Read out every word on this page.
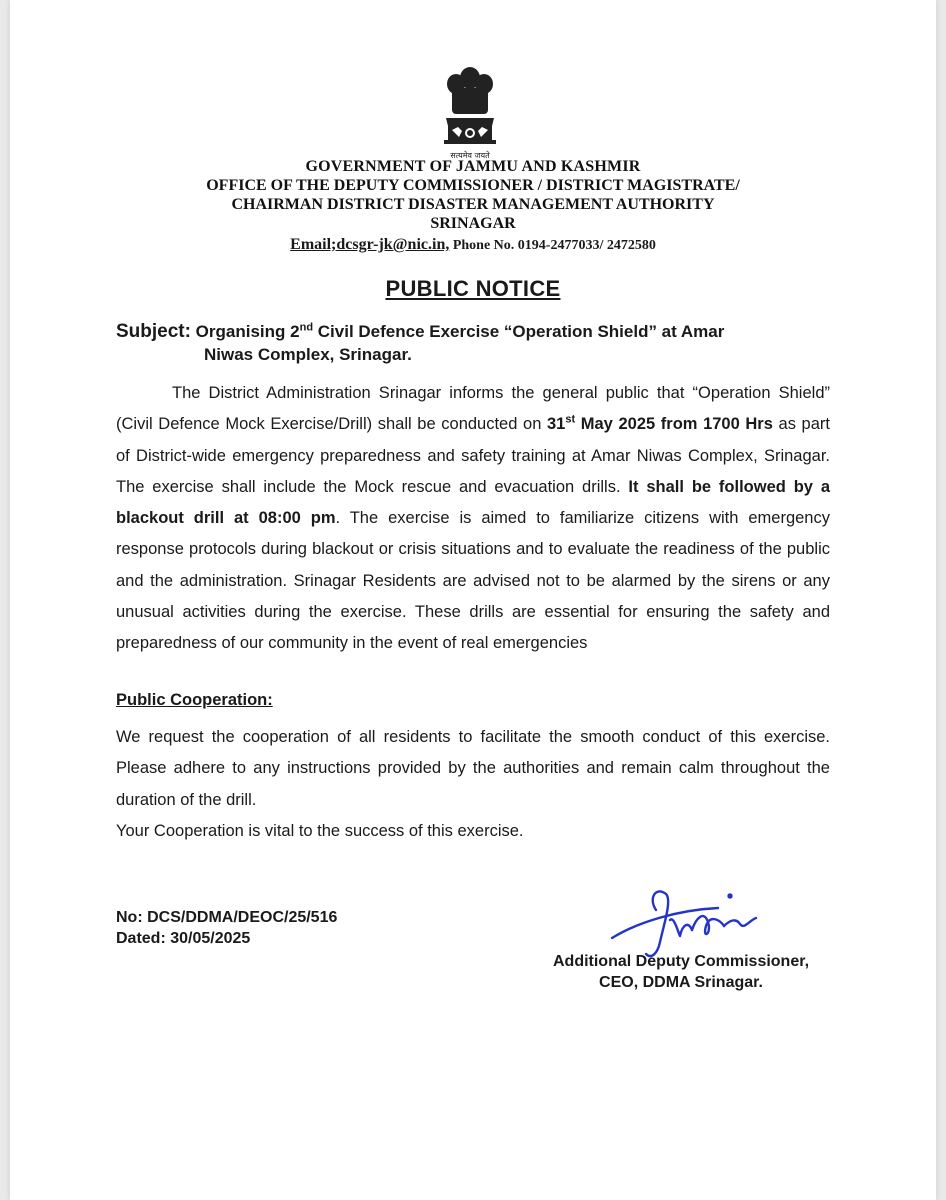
सत्यमेव जयते
GOVERNMENT OF JAMMU AND KASHMIR
OFFICE OF THE DEPUTY COMMISSIONER / DISTRICT MAGISTRATE/
CHAIRMAN DISTRICT DISASTER MANAGEMENT AUTHORITY
SRINAGAR
Email;dcsgr-jk@nic.in, Phone No. 0194-2477033/ 2472580
PUBLIC NOTICE
Subject: Organising 2nd Civil Defence Exercise “Operation Shield” at Amar
Niwas Complex, Srinagar.
The District Administration Srinagar informs the general public that “Operation Shield” (Civil Defence Mock Exercise/Drill) shall be conducted on 31st May 2025 from 1700 Hrs as part of District-wide emergency preparedness and safety training at Amar Niwas Complex, Srinagar. The exercise shall include the Mock rescue and evacuation drills. It shall be followed by a blackout drill at 08:00 pm. The exercise is aimed to familiarize citizens with emergency response protocols during blackout or crisis situations and to evaluate the readiness of the public and the administration. Srinagar Residents are advised not to be alarmed by the sirens or any unusual activities during the exercise. These drills are essential for ensuring the safety and preparedness of our community in the event of real emergencies
Public Cooperation:
We request the cooperation of all residents to facilitate the smooth conduct of this exercise. Please adhere to any instructions provided by the authorities and remain calm throughout the duration of the drill.
Your Cooperation is vital to the success of this exercise.
No: DCS/DDMA/DEOC/25/516
Dated: 30/05/2025
Additional Deputy Commissioner,
CEO, DDMA Srinagar.
